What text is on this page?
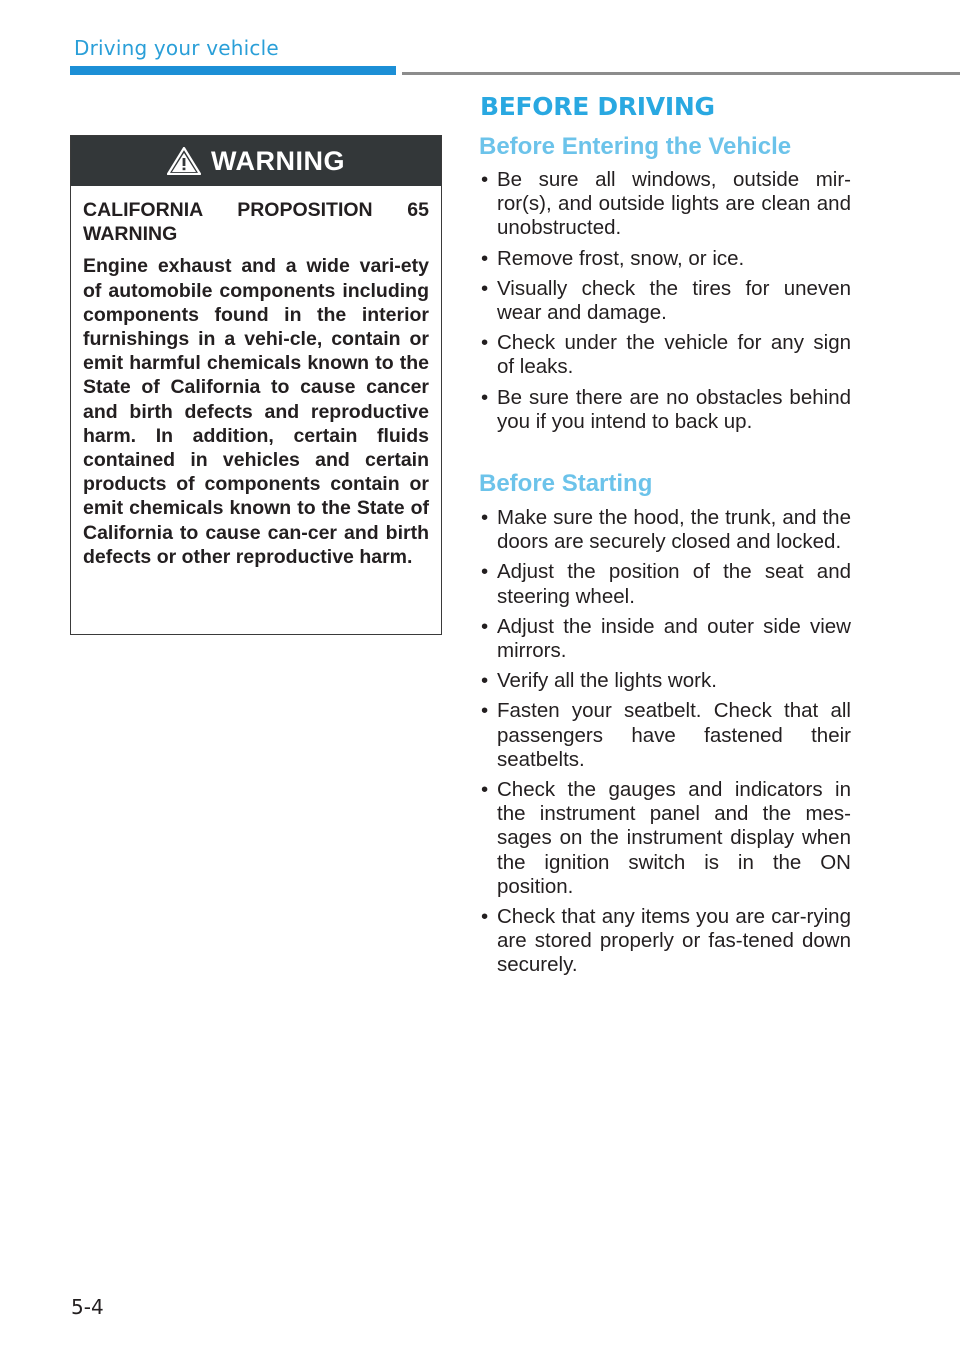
Driving your vehicle
BEFORE DRIVING
WARNING

CALIFORNIA PROPOSITION 65 WARNING

Engine exhaust and a wide vari-ety of automobile components including components found in the interior furnishings in a vehi-cle, contain or emit harmful chemicals known to the State of California to cause cancer and birth defects and reproductive harm. In addition, certain fluids contained in vehicles and certain products of components contain or emit chemicals known to the State of California to cause can-cer and birth defects or other reproductive harm.

Before Entering the Vehicle
• Be sure all windows, outside mir-ror(s), and outside lights are clean and unobstructed.
• Remove frost, snow, or ice.
• Visually check the tires for uneven wear and damage.
• Check under the vehicle for any sign of leaks.
• Be sure there are no obstacles behind you if you intend to back up.
Before Starting
• Make sure the hood, the trunk, and the doors are securely closed and locked.
• Adjust the position of the seat and steering wheel.
• Adjust the inside and outer side view mirrors.
• Verify all the lights work.
• Fasten your seatbelt. Check that all passengers have fastened their seatbelts.
• Check the gauges and indicators in the instrument panel and the mes-sages on the instrument display when the ignition switch is in the ON position.
• Check that any items you are car-rying are stored properly or fas-tened down securely.
5-4
